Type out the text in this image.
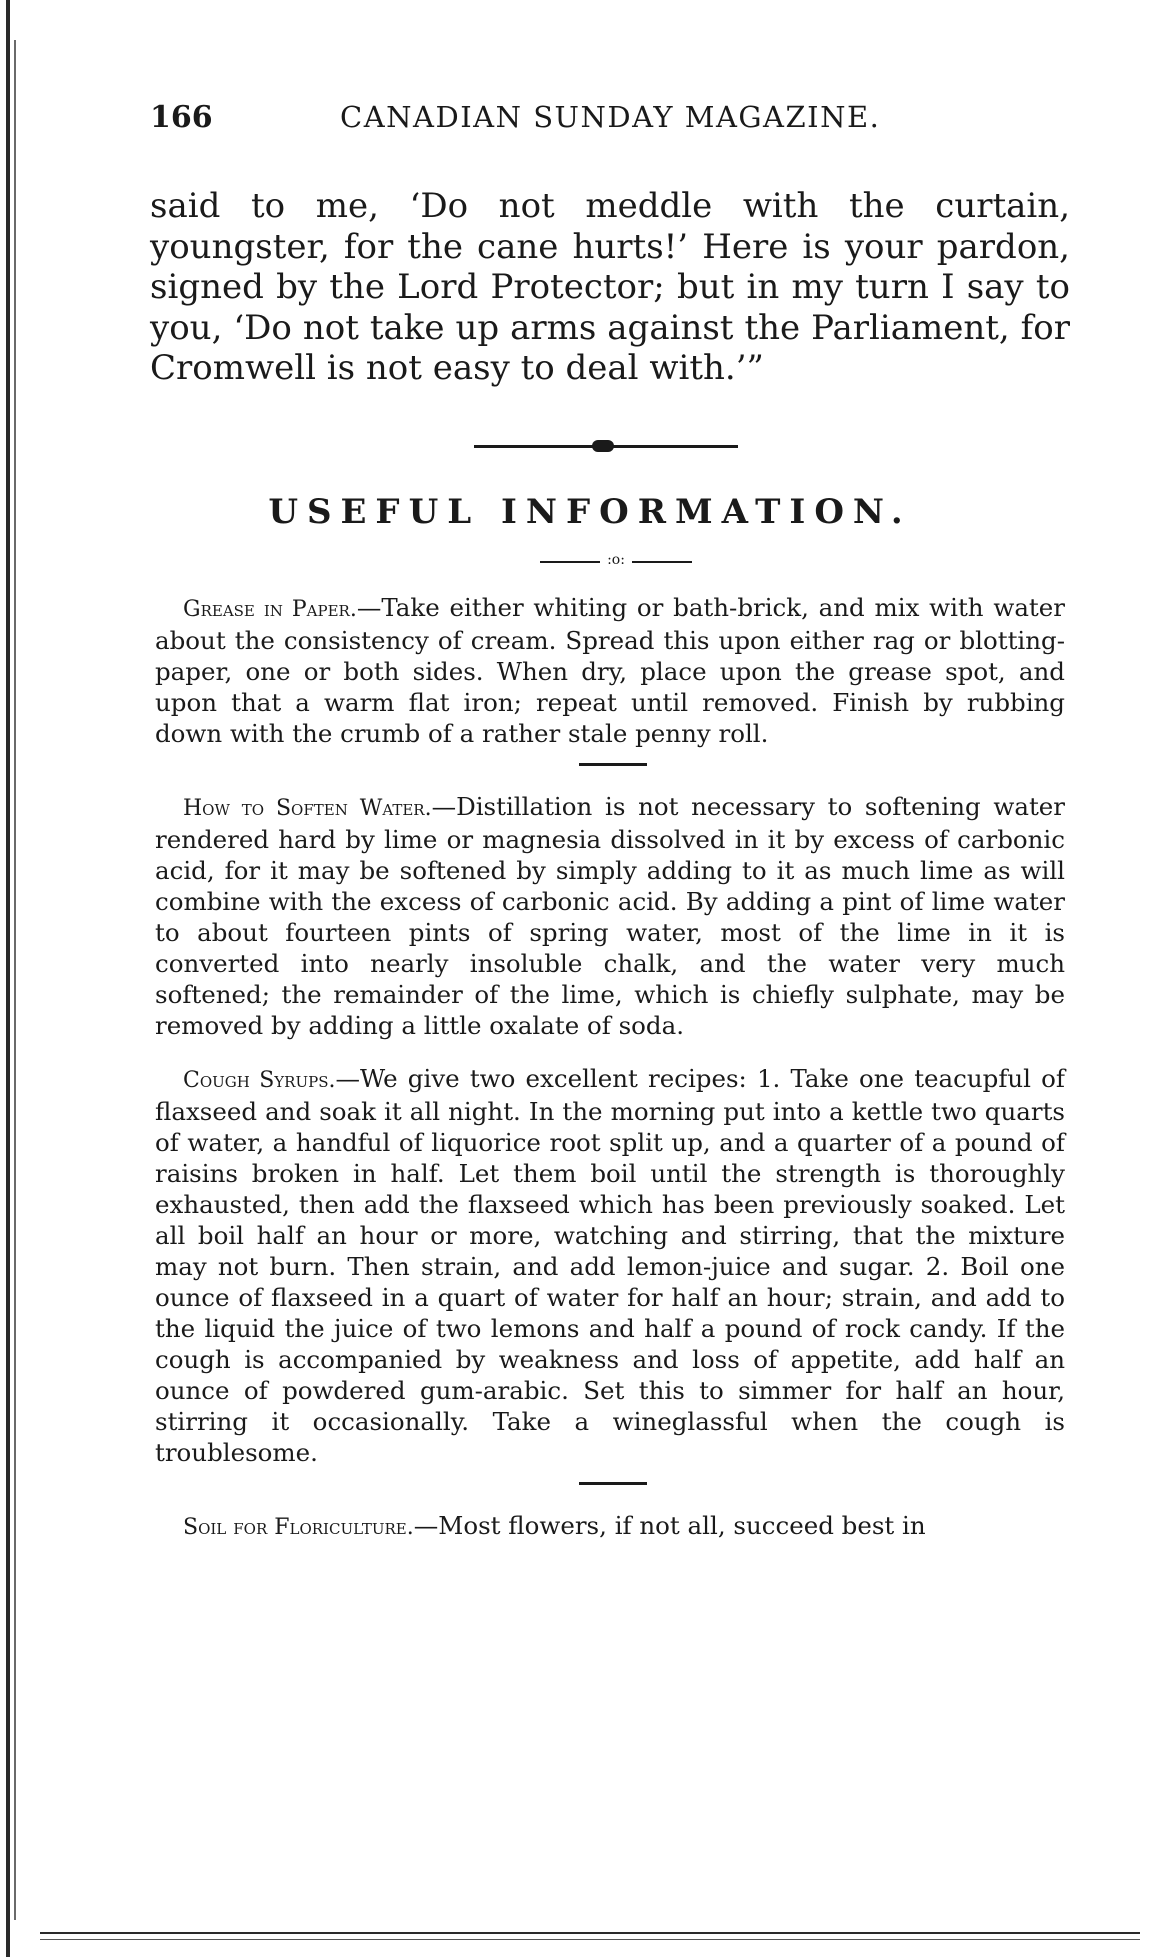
166	CANADIAN SUNDAY MAGAZINE.

said to me, ‘Do not meddle with the curtain, youngster, for the cane hurts!’ Here is your pardon, signed by the Lord Protector; but in my turn I say to you, ‘Do not take up arms against the Parliament, for Cromwell is not easy to deal with.’”

USEFUL INFORMATION.
:o:

Grease in Paper.—Take either whiting or bath-brick, and mix with water about the consistency of cream. Spread this upon either rag or blotting-paper, one or both sides. When dry, place upon the grease spot, and upon that a warm flat iron; repeat until removed. Finish by rubbing down with the crumb of a rather stale penny roll.

How to Soften Water.—Distillation is not necessary to softening water rendered hard by lime or magnesia dissolved in it by excess of carbonic acid, for it may be softened by simply adding to it as much lime as will combine with the excess of carbonic acid. By adding a pint of lime water to about fourteen pints of spring water, most of the lime in it is converted into nearly insoluble chalk, and the water very much softened; the remainder of the lime, which is chiefly sulphate, may be removed by adding a little oxalate of soda.

Cough Syrups.—We give two excellent recipes: 1. Take one teacupful of flaxseed and soak it all night. In the morning put into a kettle two quarts of water, a handful of liquorice root split up, and a quarter of a pound of raisins broken in half. Let them boil until the strength is thoroughly exhausted, then add the flaxseed which has been previously soaked. Let all boil half an hour or more, watching and stirring, that the mixture may not burn. Then strain, and add lemon-juice and sugar. 2. Boil one ounce of flaxseed in a quart of water for half an hour; strain, and add to the liquid the juice of two lemons and half a pound of rock candy. If the cough is accompanied by weakness and loss of appetite, add half an ounce of powdered gum-arabic. Set this to simmer for half an hour, stirring it occasionally. Take a wineglassful when the cough is troublesome.

Soil for Floriculture.—Most flowers, if not all, succeed best in
